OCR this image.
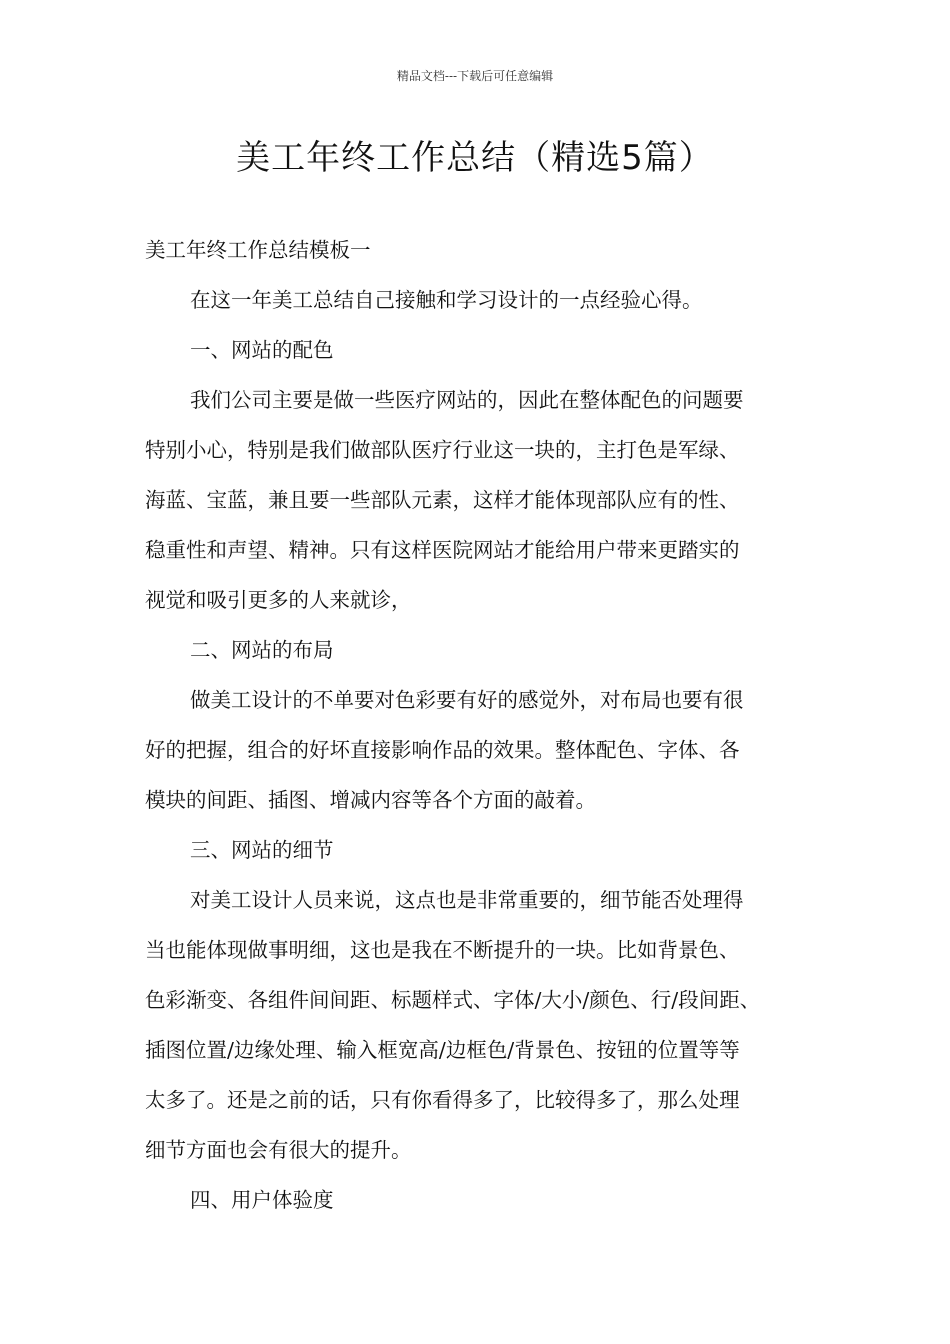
精品文档---下载后可任意编辑
美工年终工作总结（精选5篇）
美工年终工作总结模板一
在这一年美工总结自己接触和学习设计的一点经验心得。
一、网站的配色
我们公司主要是做一些医疗网站的，因此在整体配色的问题要
特别小心，特别是我们做部队医疗行业这一块的，主打色是军绿、
海蓝、宝蓝，兼且要一些部队元素，这样才能体现部队应有的性、
稳重性和声望、精神。只有这样医院网站才能给用户带来更踏实的
视觉和吸引更多的人来就诊，
二、网站的布局
做美工设计的不单要对色彩要有好的感觉外，对布局也要有很
好的把握，组合的好坏直接影响作品的效果。整体配色、字体、各
模块的间距、插图、增减内容等各个方面的敲着。
三、网站的细节
对美工设计人员来说，这点也是非常重要的，细节能否处理得
当也能体现做事明细，这也是我在不断提升的一块。比如背景色、
色彩渐变、各组件间间距、标题样式、字体/大小/颜色、行/段间距、
插图位置/边缘处理、输入框宽高/边框色/背景色、按钮的位置等等
太多了。还是之前的话，只有你看得多了，比较得多了，那么处理
细节方面也会有很大的提升。
四、用户体验度
